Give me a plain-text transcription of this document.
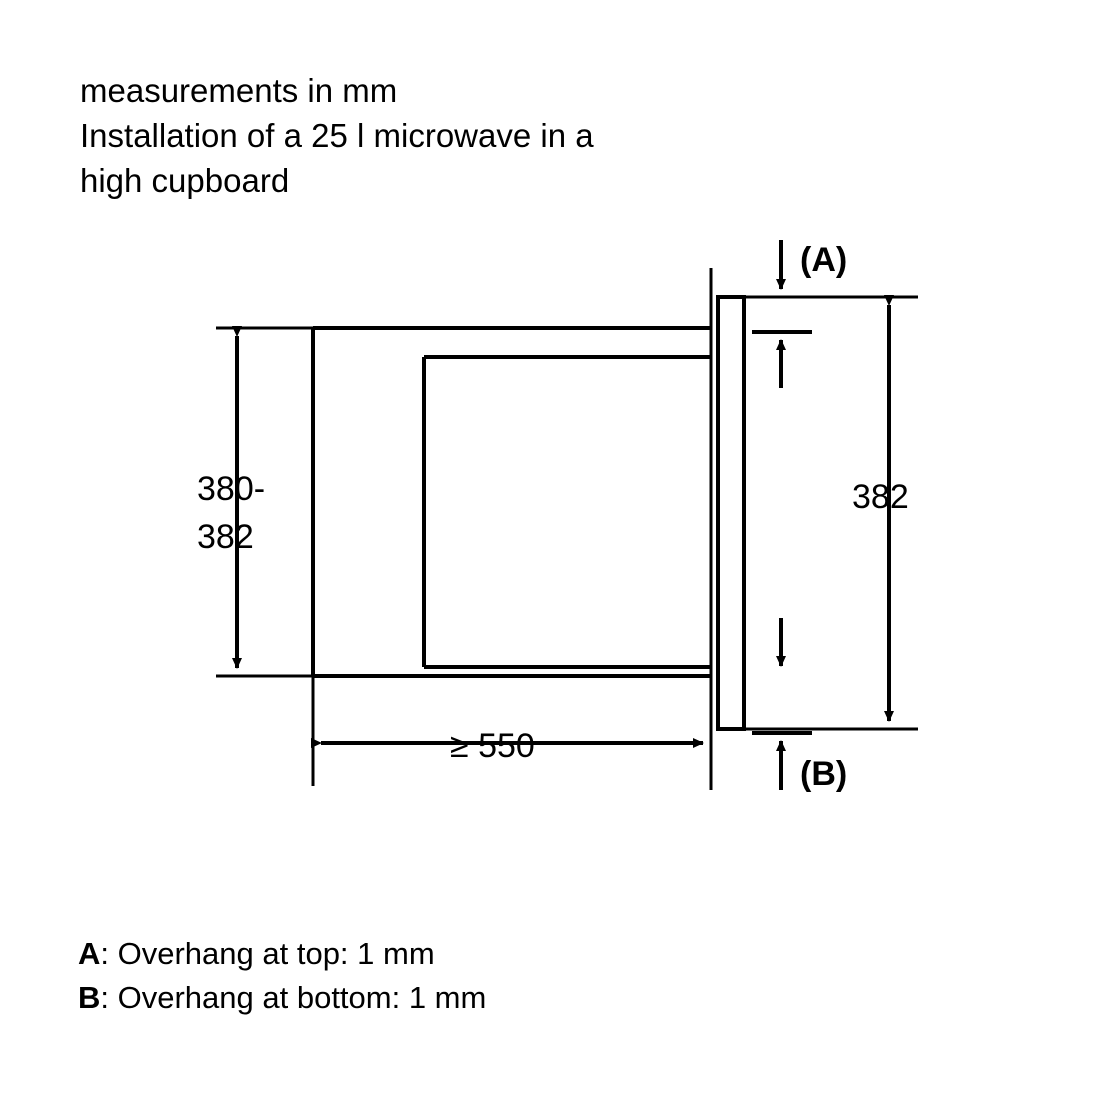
measurements in mm
Installation of a 25 l microwave in a
high cupboard
380-
382
≥ 550
382
(A)
(B)
A: Overhang at top: 1 mm
B: Overhang at bottom: 1 mm
